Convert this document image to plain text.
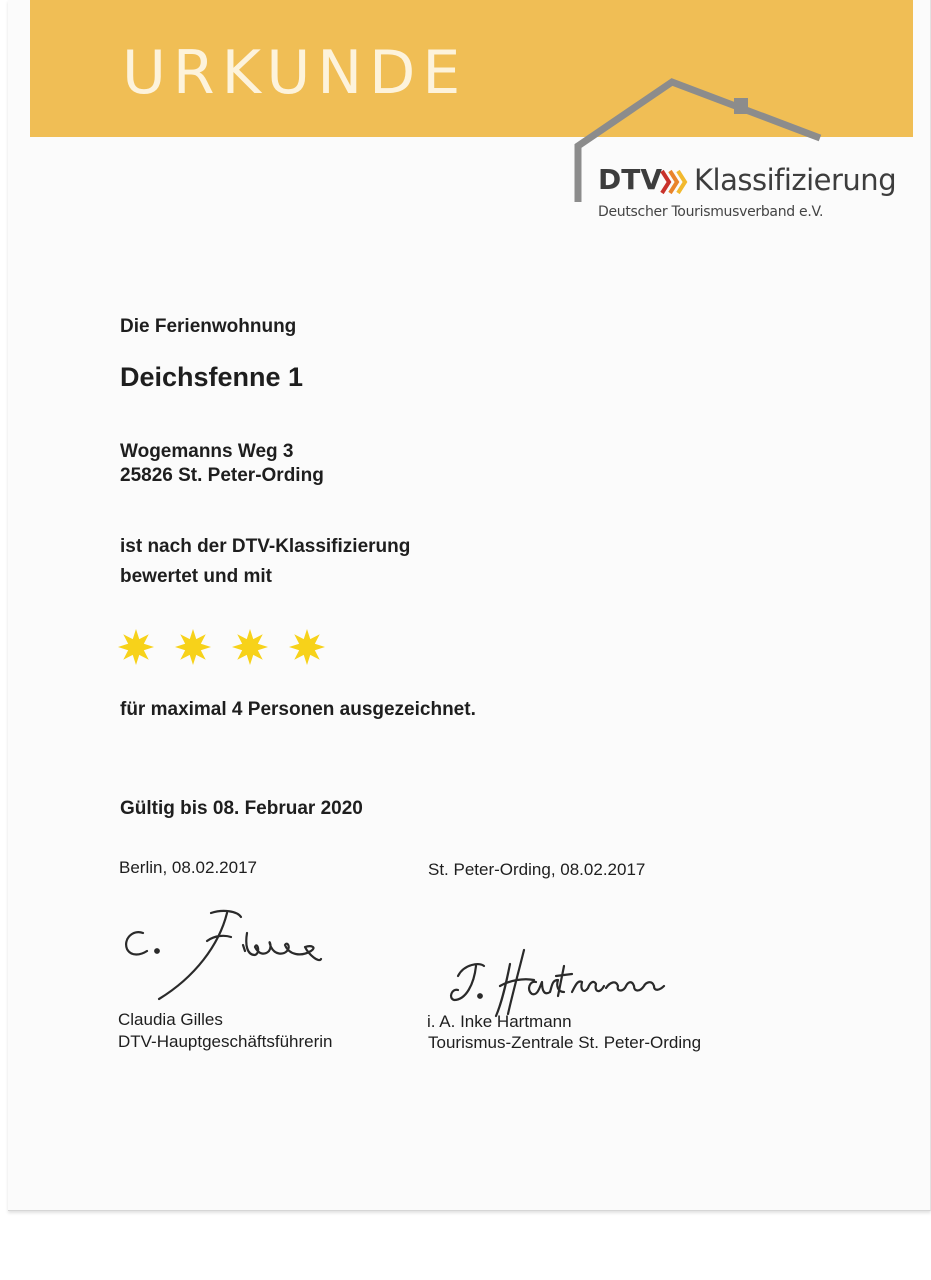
URKUNDE
DTV Klassifizierung
Deutscher Tourismusverband e.V.
Die Ferienwohnung
Deichsfenne 1
Wogemanns Weg 3
25826 St. Peter-Ording
ist nach der DTV-Klassifizierung
bewertet und mit
für maximal 4 Personen ausgezeichnet.
Gültig bis 08. Februar 2020
Berlin, 08.02.2017	St. Peter-Ording, 08.02.2017
Claudia Gilles
DTV-Hauptgeschäftsführerin
i. A. Inke Hartmann
Tourismus-Zentrale St. Peter-Ording
